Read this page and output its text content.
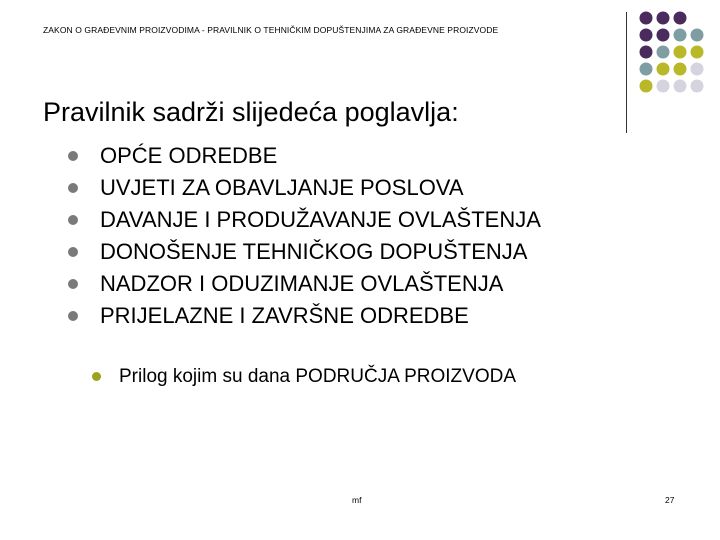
ZAKON O GRAĐEVNIM PROIZVODIMA - PRAVILNIK O TEHNIČKIM DOPUŠTENJIMA ZA GRAĐEVNE PROIZVODE
Pravilnik sadrži slijedeća poglavlja:
OPĆE ODREDBE
UVJETI ZA OBAVLJANJE POSLOVA
DAVANJE I PRODUŽAVANJE OVLAŠTENJA
DONOŠENJE TEHNIČKOG DOPUŠTENJA
NADZOR I ODUZIMANJE OVLAŠTENJA
PRIJELAZNE I ZAVRŠNE ODREDBE
Prilog kojim su dana PODRUČJA PROIZVODA
mf	27
